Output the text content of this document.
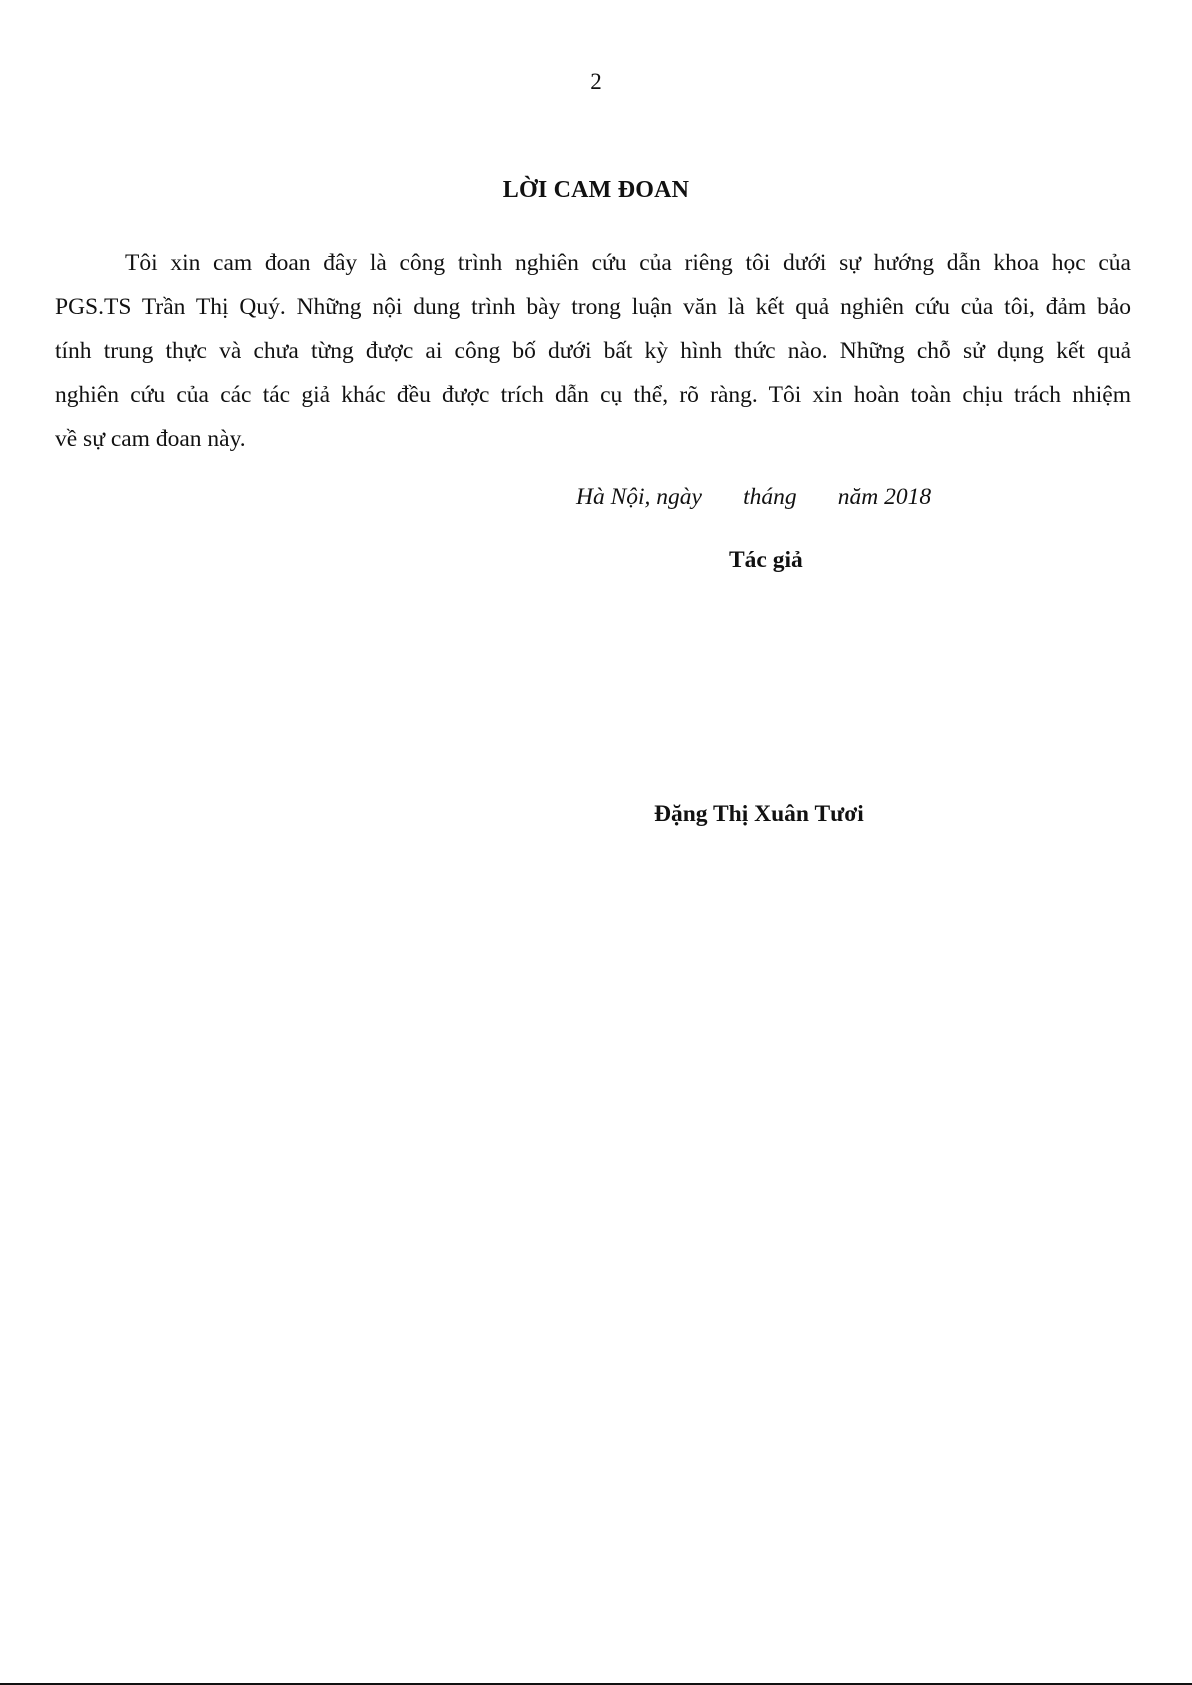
2
LỜI CAM ĐOAN
Tôi xin cam đoan đây là công trình nghiên cứu của riêng tôi dưới sự hướng dẫn khoa học của
PGS.TS Trần Thị Quý. Những nội dung trình bày trong luận văn là kết quả nghiên cứu của tôi, đảm bảo
tính trung thực và chưa từng được ai công bố dưới bất kỳ hình thức nào. Những chỗ sử dụng kết quả
nghiên cứu của các tác giả khác đều được trích dẫn cụ thể, rõ ràng. Tôi xin hoàn toàn chịu trách nhiệm
về sự cam đoan này.
Hà Nội, ngày       tháng       năm 2018
Tác giả
Đặng Thị Xuân Tươi
